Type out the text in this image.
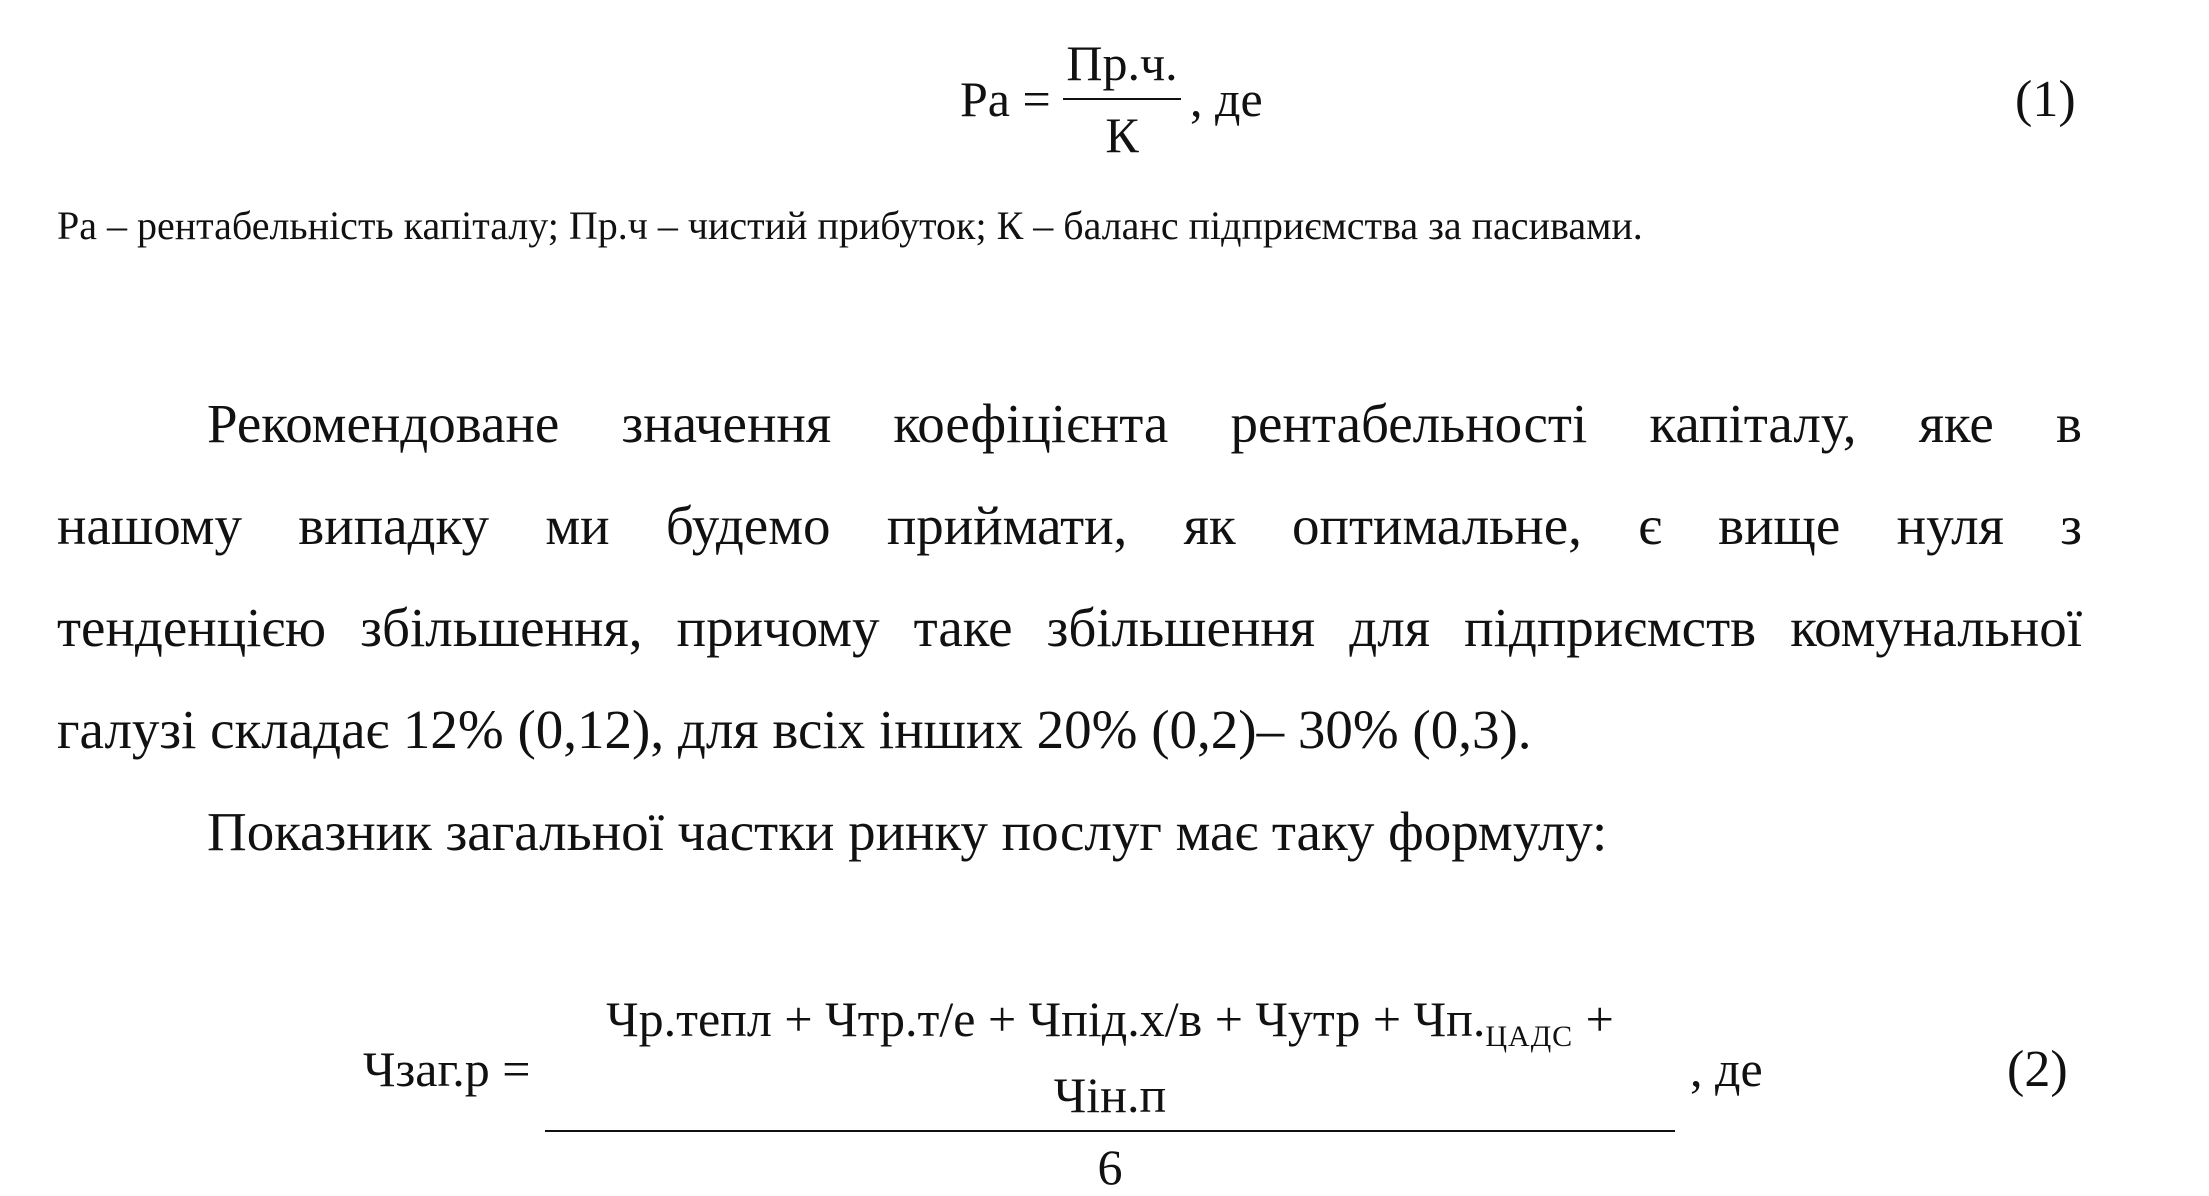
Ра =
Пр.ч.
К
, де	(1)
Ра – рентабельність капіталу; Пр.ч – чистий прибуток; К – баланс підприємства за пасивами.
Рекомендоване значення коефіцієнта рентабельності капіталу, яке в
нашому випадку ми будемо приймати, як оптимальне, є вище нуля з
тенденцією збільшення, причому таке збільшення для підприємств комунальної
галузі складає 12% (0,12), для всіх інших 20% (0,2)– 30% (0,3).
Показник загальної частки ринку послуг має таку формулу:
Чзаг.р =
Чр.тепл + Чтр.т/е + Чпід.х/в + Чутр + $Чп._{ЦАДС} + Чін.п$
6
, де	(2)
